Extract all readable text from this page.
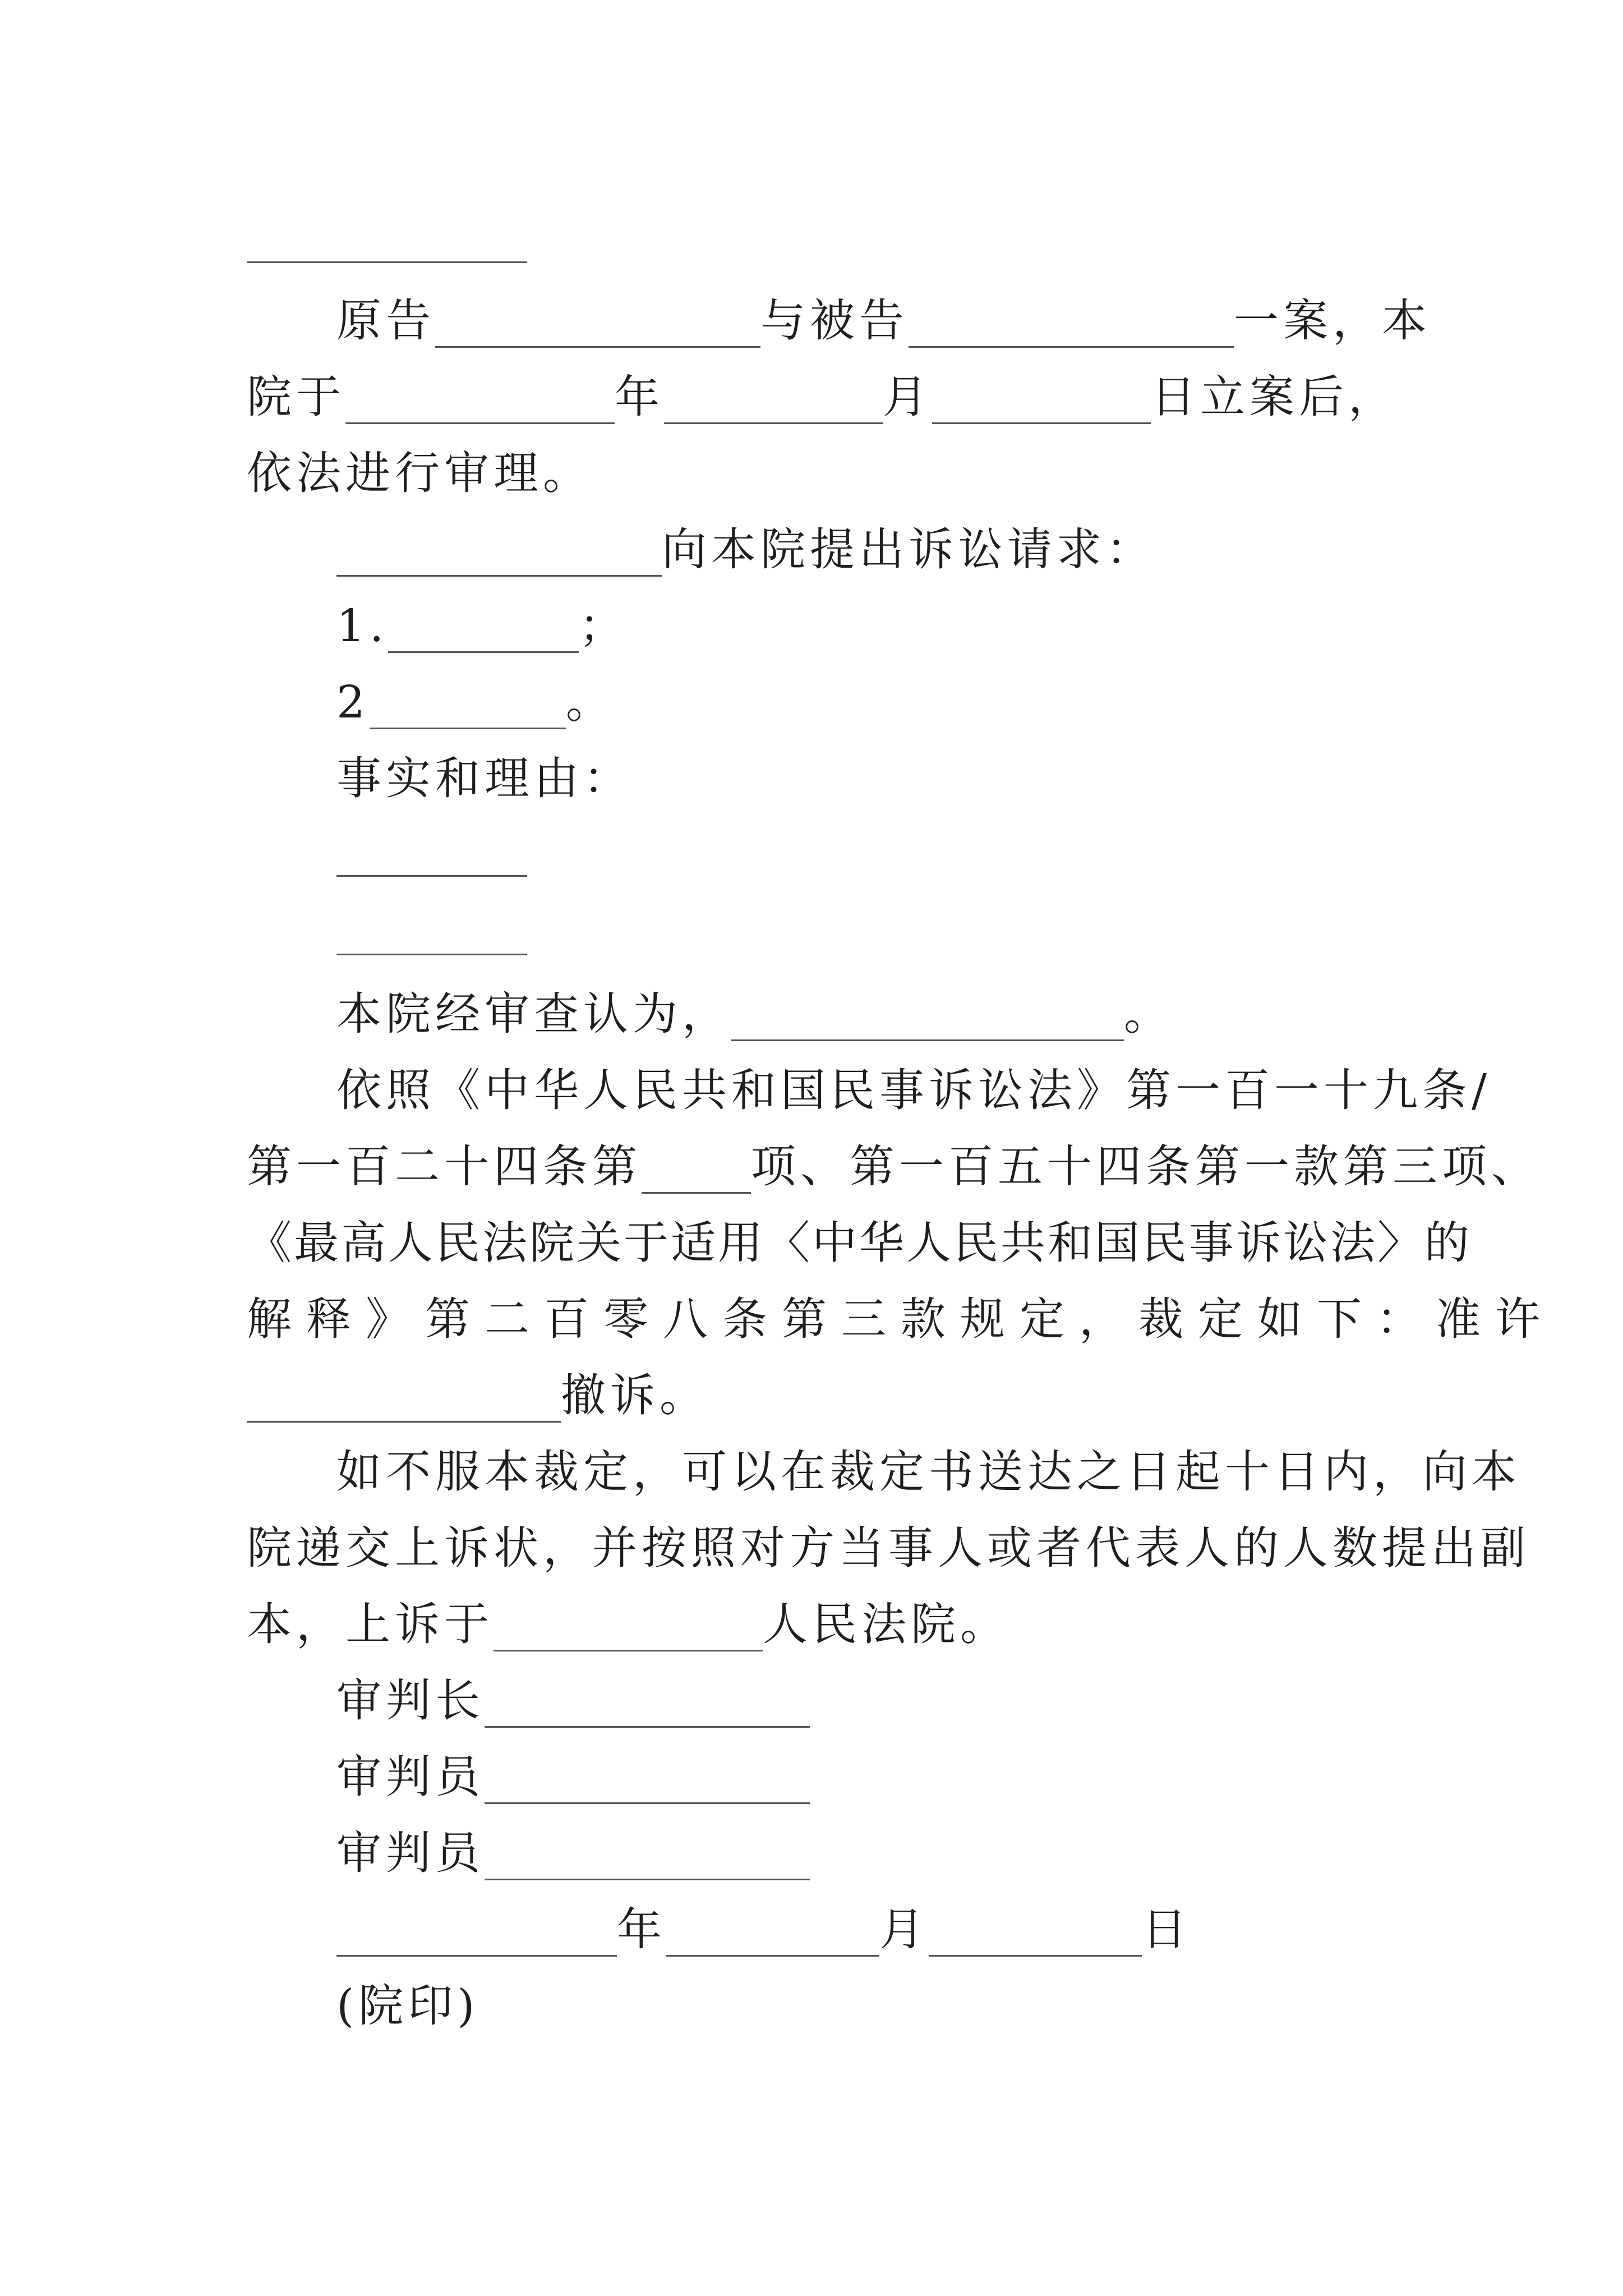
原告	与被告	一案，本
院于	年	月	日立案后，
依法进行审理。
向本院提出诉讼请求：
1.	；
2	。
事实和理由：
本院经审查认为，	。
依照《中华人民共和国民事诉讼法》第一百一十九条/
第一百二十四条第 项、第一百五十四条第一款第三项、
《最高人民法院关于适用〈中华人民共和国民事诉讼法〉的
解释》第二百零八条第三款规定，裁定如下：准许
撤诉。
如不服本裁定，可以在裁定书送达之日起十日内，向本
院递交上诉状，并按照对方当事人或者代表人的人数提出副
本，上诉于	人民法院。
审判长
审判员
审判员
年	月	日
(院印)
